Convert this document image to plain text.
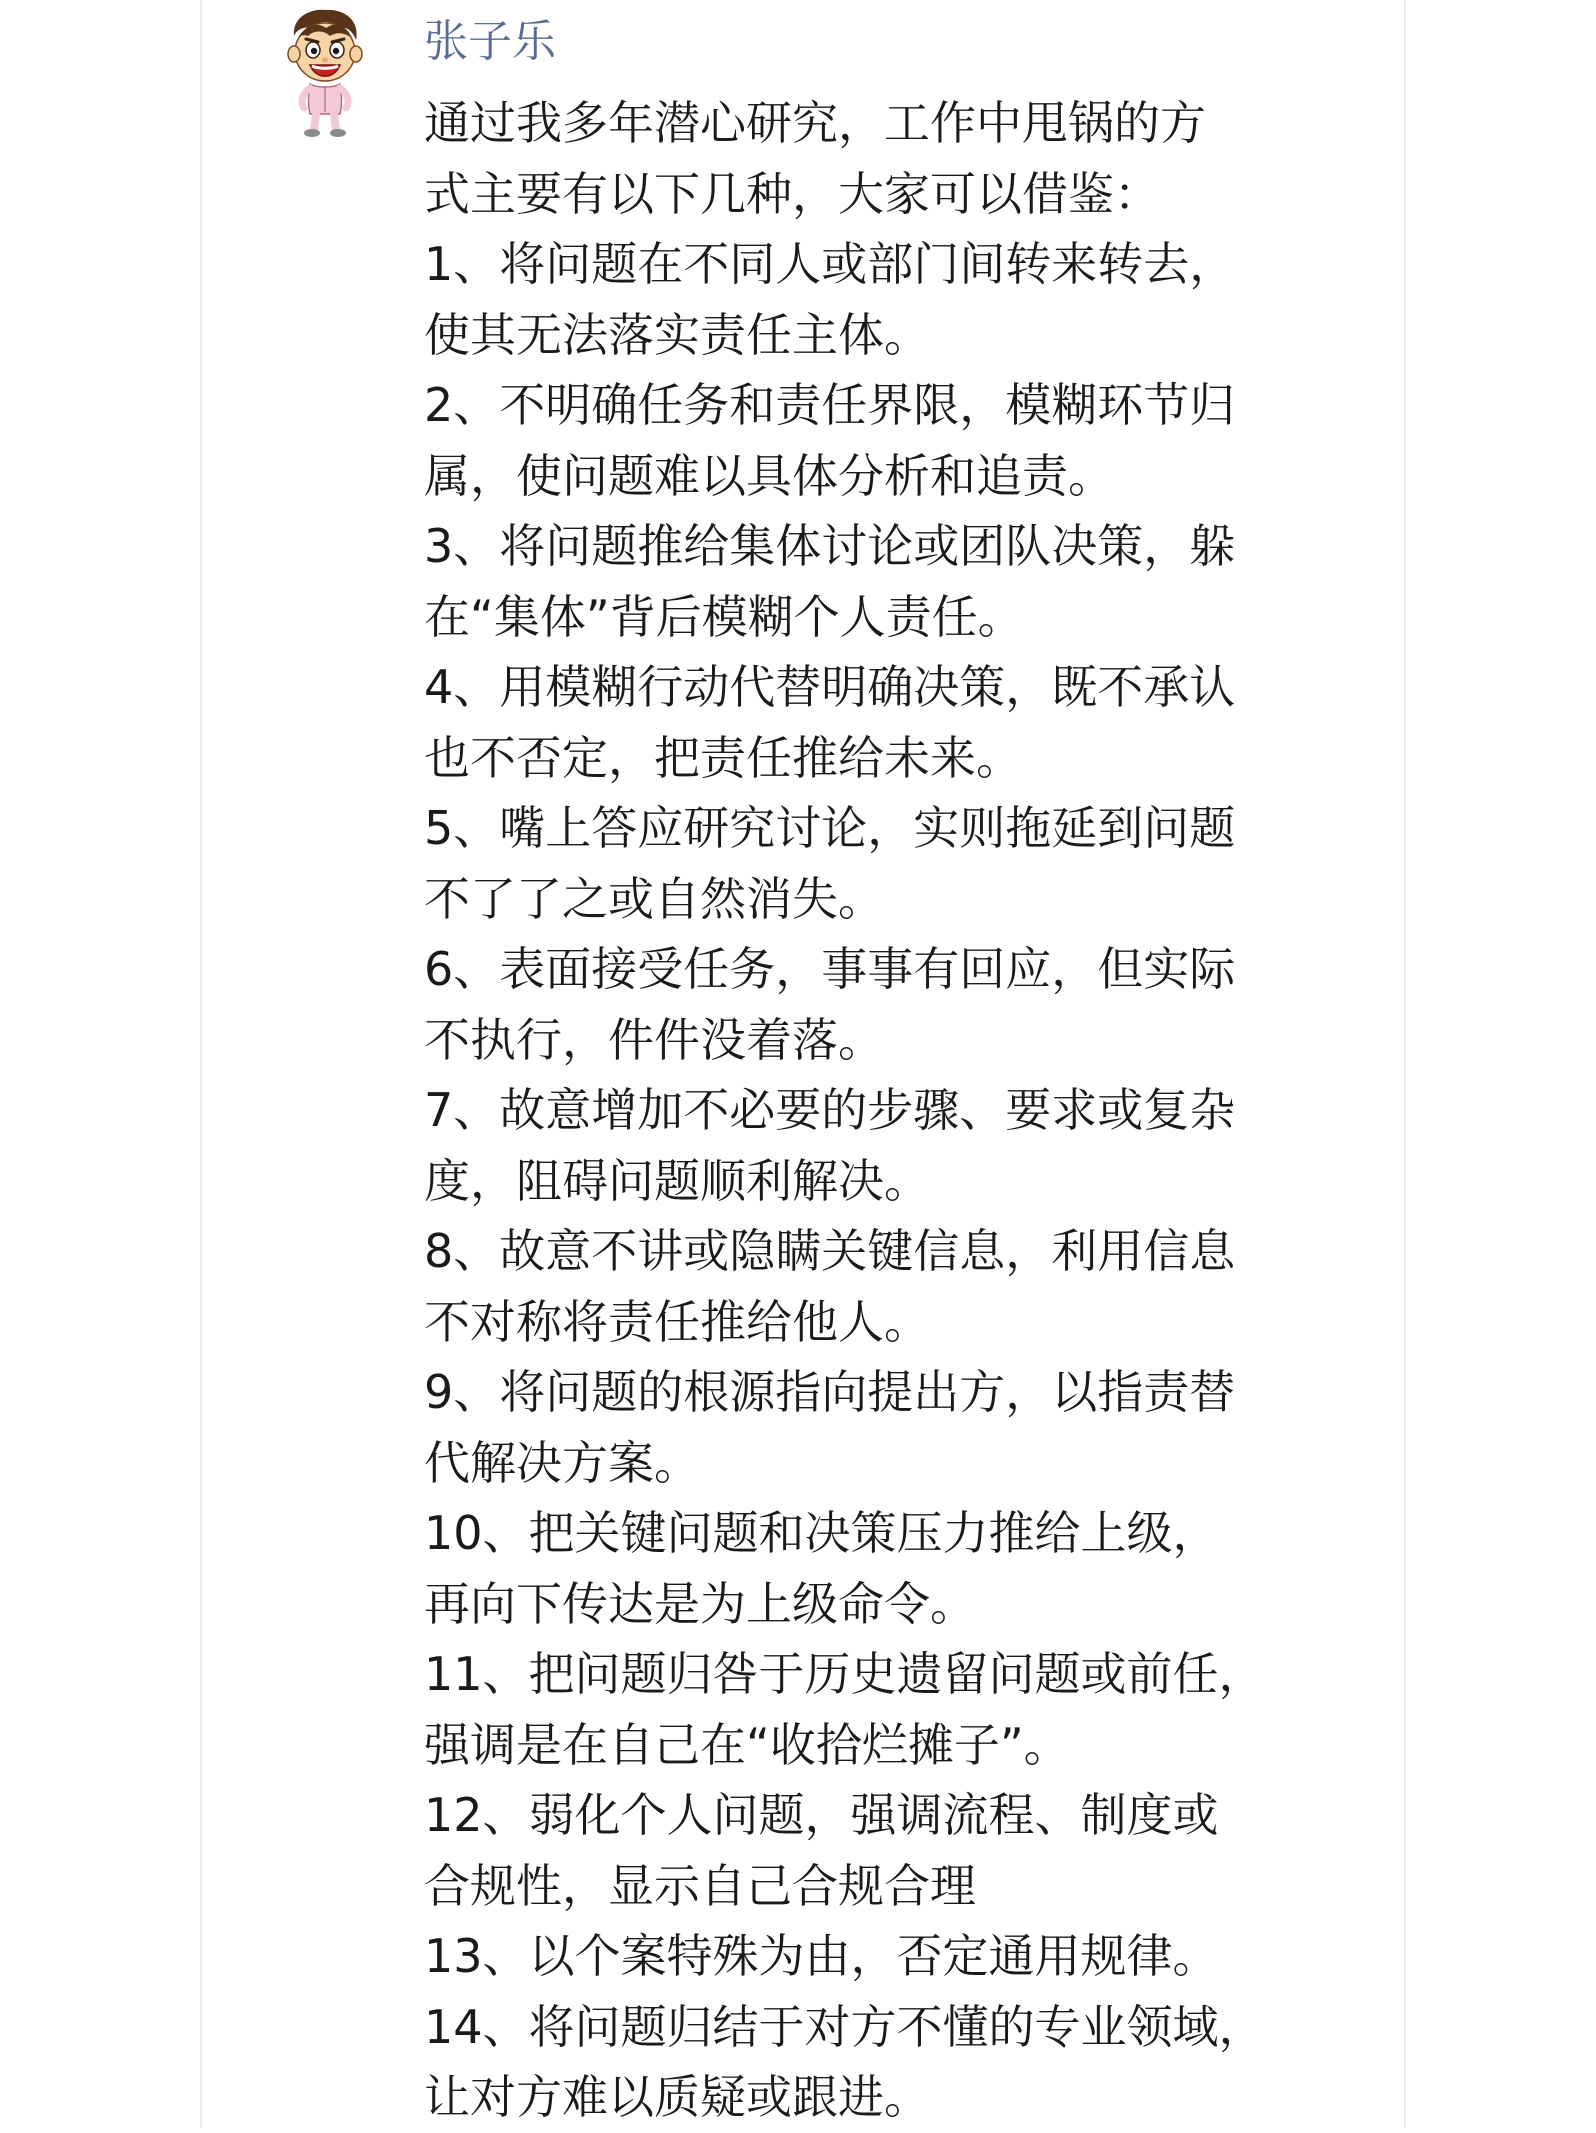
张子乐
通过我多年潜心研究，工作中甩锅的方
式主要有以下几种，大家可以借鉴：
1、将问题在不同人或部门间转来转去，
使其无法落实责任主体。
2、不明确任务和责任界限，模糊环节归
属，使问题难以具体分析和追责。
3、将问题推给集体讨论或团队决策，躲
在“集体”背后模糊个人责任。
4、用模糊行动代替明确决策，既不承认
也不否定，把责任推给未来。
5、嘴上答应研究讨论，实则拖延到问题
不了了之或自然消失。
6、表面接受任务，事事有回应，但实际
不执行，件件没着落。
7、故意增加不必要的步骤、要求或复杂
度，阻碍问题顺利解决。
8、故意不讲或隐瞒关键信息，利用信息
不对称将责任推给他人。
9、将问题的根源指向提出方，以指责替
代解决方案。
10、把关键问题和决策压力推给上级，
再向下传达是为上级命令。
11、把问题归咎于历史遗留问题或前任，
强调是在自己在“收拾烂摊子”。
12、弱化个人问题，强调流程、制度或
合规性，显示自己合规合理
13、以个案特殊为由，否定通用规律。
14、将问题归结于对方不懂的专业领域，
让对方难以质疑或跟进。
